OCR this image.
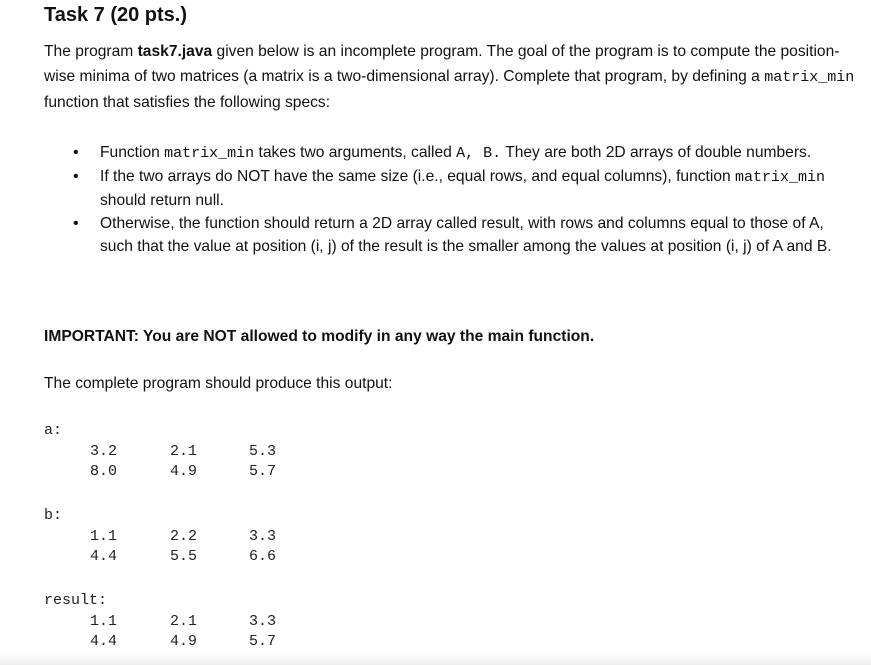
Task 7 (20 pts.)

The program task7.java given below is an incomplete program. The goal of the program is to compute the position-wise minima of two matrices (a matrix is a two-dimensional array). Complete that program, by defining a matrix_min function that satisfies the following specs:

• Function matrix_min takes two arguments, called A, B. They are both 2D arrays of double numbers.
• If the two arrays do NOT have the same size (i.e., equal rows, and equal columns), function matrix_min should return null.
• Otherwise, the function should return a 2D array called result, with rows and columns equal to those of A, such that the value at position (i, j) of the result is the smaller among the values at position (i, j) of A and B.

IMPORTANT: You are NOT allowed to modify in any way the main function.

The complete program should produce this output:

a:
3.2	2.1	5.3
8.0	4.9	5.7
b:
1.1	2.2	3.3
4.4	5.5	6.6
result:
1.1	2.1	3.3
4.4	4.9	5.7
